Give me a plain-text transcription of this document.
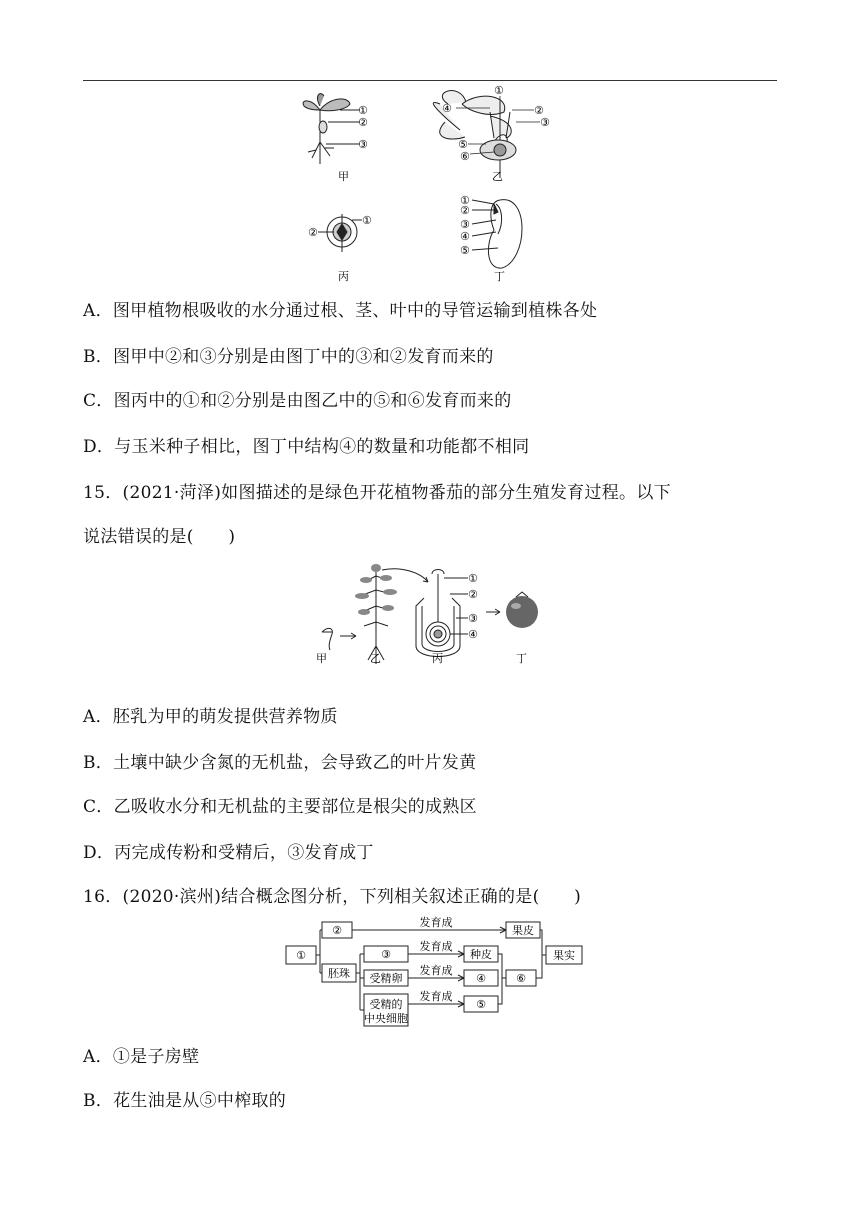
①
②
③
甲
①
④	②
③
⑤
⑥
乙
①
②
丙
①
②
③
④
⑤
丁
A．图甲植物根吸收的水分通过根、茎、叶中的导管运输到植株各处
B．图甲中②和③分别是由图丁中的③和②发育而来的
C．图丙中的①和②分别是由图乙中的⑤和⑥发育而来的
D．与玉米种子相比，图丁中结构④的数量和功能都不相同
15．(2021·菏泽)如图描述的是绿色开花植物番茄的部分生殖发育过程。以下
说法错误的是(　　)
①
②
③
④
甲	乙	丙	丁
A．胚乳为甲的萌发提供营养物质
B．土壤中缺少含氮的无机盐，会导致乙的叶片发黄
C．乙吸收水分和无机盐的主要部位是根尖的成熟区
D．丙完成传粉和受精后，③发育成丁
16．(2020·滨州)结合概念图分析，下列相关叙述正确的是(　　)
①
②
胚珠
③
受精卵
受精的
中央细胞
种皮
④
⑤
果皮
⑥
果实
发育成
发育成
发育成
发育成
A．①是子房壁
B．花生油是从⑤中榨取的
